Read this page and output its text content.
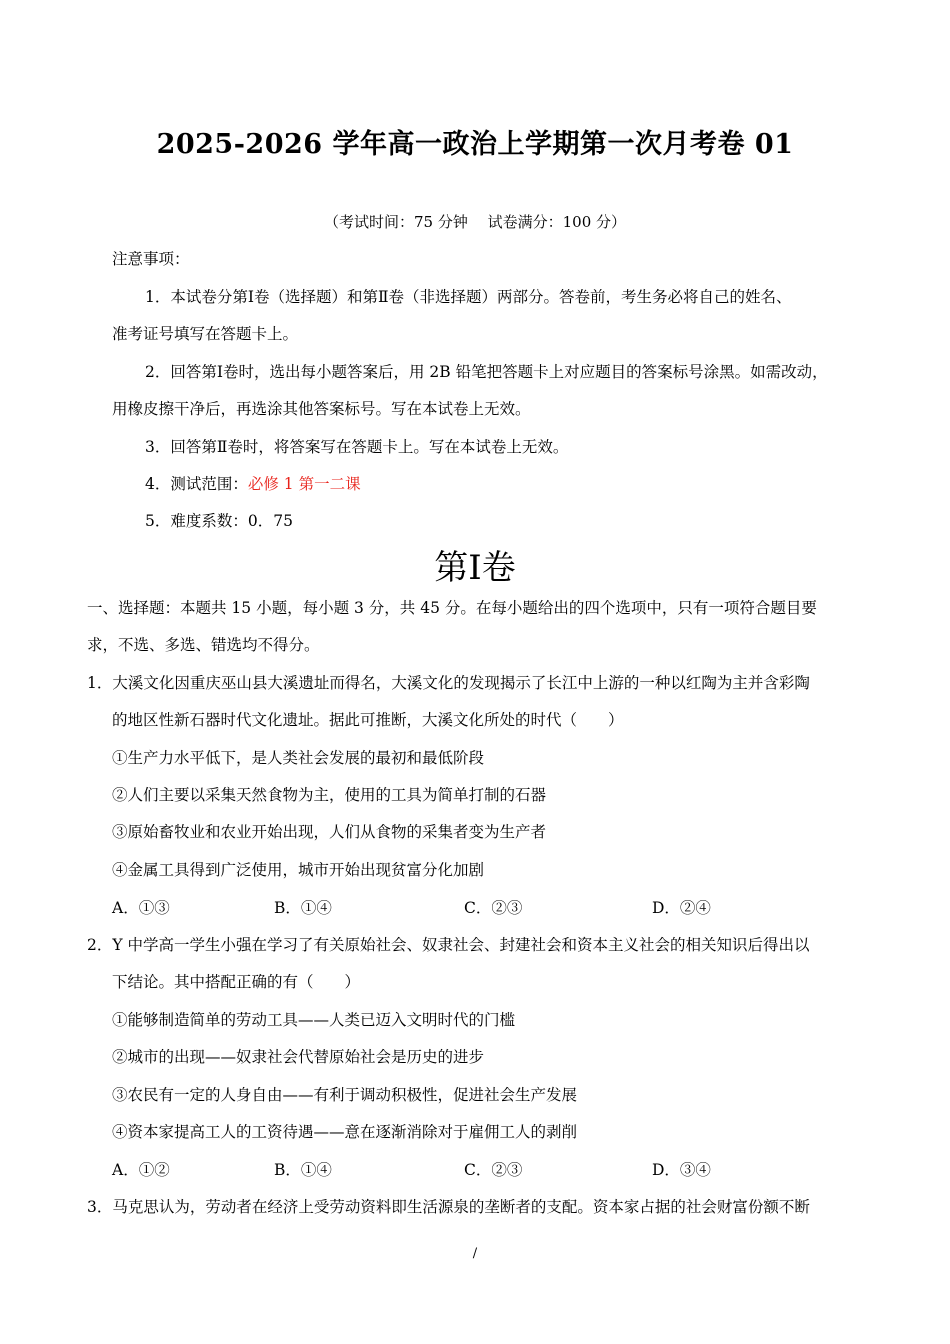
2025-2026 学年高一政治上学期第一次月考卷 01
（考试时间：75 分钟　 试卷满分：100 分）
注意事项：
1．本试卷分第Ⅰ卷（选择题）和第Ⅱ卷（非选择题）两部分。答卷前，考生务必将自己的姓名、
准考证号填写在答题卡上。
2．回答第Ⅰ卷时，选出每小题答案后，用 2B 铅笔把答题卡上对应题目的答案标号涂黑。如需改动，
用橡皮擦干净后，再选涂其他答案标号。写在本试卷上无效。
3．回答第Ⅱ卷时，将答案写在答题卡上。写在本试卷上无效。
4．测试范围：必修 1 第一二课
5．难度系数：0．75
第Ⅰ卷
一、选择题：本题共 15 小题，每小题 3 分，共 45 分。在每小题给出的四个选项中，只有一项符合题目要
求，不选、多选、错选均不得分。
1．大溪文化因重庆巫山县大溪遗址而得名，大溪文化的发现揭示了长江中上游的一种以红陶为主并含彩陶
的地区性新石器时代文化遗址。据此可推断，大溪文化所处的时代（　　）
①生产力水平低下，是人类社会发展的最初和最低阶段
②人们主要以采集天然食物为主，使用的工具为简单打制的石器
③原始畜牧业和农业开始出现，人们从食物的采集者变为生产者
④金属工具得到广泛使用，城市开始出现贫富分化加剧
A．①③	B．①④	C．②③	D．②④
2．Y 中学高一学生小强在学习了有关原始社会、奴隶社会、封建社会和资本主义社会的相关知识后得出以
下结论。其中搭配正确的有（　　）
①能够制造简单的劳动工具——人类已迈入文明时代的门槛
②城市的出现——奴隶社会代替原始社会是历史的进步
③农民有一定的人身自由——有利于调动积极性，促进社会生产发展
④资本家提高工人的工资待遇——意在逐渐消除对于雇佣工人的剥削
A．①②	B．①④	C．②③	D．③④
3．马克思认为，劳动者在经济上受劳动资料即生活源泉的垄断者的支配。资本家占据的社会财富份额不断
/
